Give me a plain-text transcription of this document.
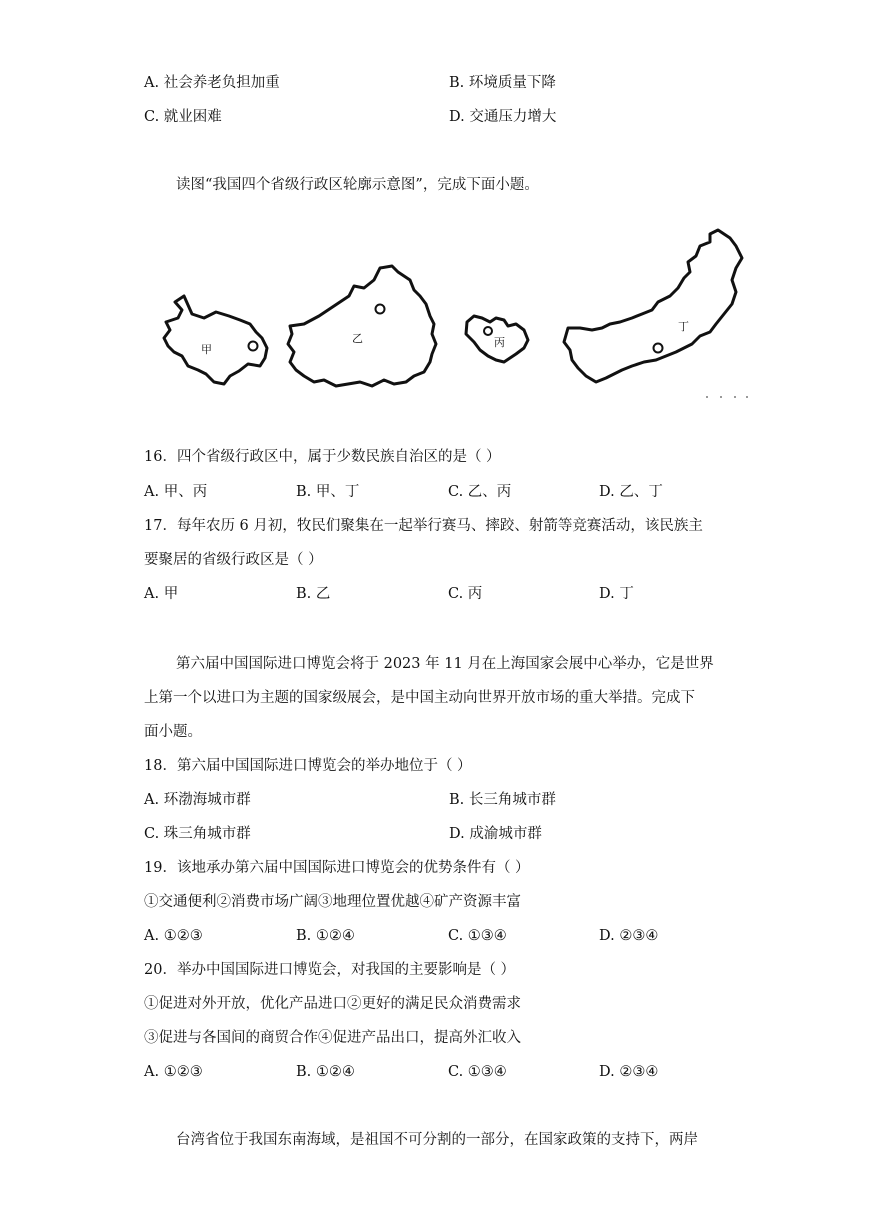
A. 社会养老负担加重	B. 环境质量下降
C. 就业困难	D. 交通压力增大
读图“我国四个省级行政区轮廓示意图”，完成下面小题。
甲
乙	丙
丁
16．四个省级行政区中，属于少数民族自治区的是（ ）
A. 甲、丙	B. 甲、丁	C. 乙、丙	D. 乙、丁
17．每年农历 6 月初，牧民们聚集在一起举行赛马、摔跤、射箭等竞赛活动，该民族主
要聚居的省级行政区是（ ）
A. 甲	B. 乙	C. 丙	D. 丁
第六届中国国际进口博览会将于 2023 年 11 月在上海国家会展中心举办，它是世界
上第一个以进口为主题的国家级展会，是中国主动向世界开放市场的重大举措。完成下
面小题。
18．第六届中国国际进口博览会的举办地位于（ ）
A. 环渤海城市群	B. 长三角城市群
C. 珠三角城市群	D. 成渝城市群
19．该地承办第六届中国国际进口博览会的优势条件有（ ）
①交通便利②消费市场广阔③地理位置优越④矿产资源丰富
A. ①②③	B. ①②④	C. ①③④	D. ②③④
20．举办中国国际进口博览会，对我国的主要影响是（ ）
①促进对外开放，优化产品进口②更好的满足民众消费需求
③促进与各国间的商贸合作④促进产品出口，提高外汇收入
A. ①②③	B. ①②④	C. ①③④	D. ②③④
台湾省位于我国东南海域，是祖国不可分割的一部分，在国家政策的支持下，两岸
